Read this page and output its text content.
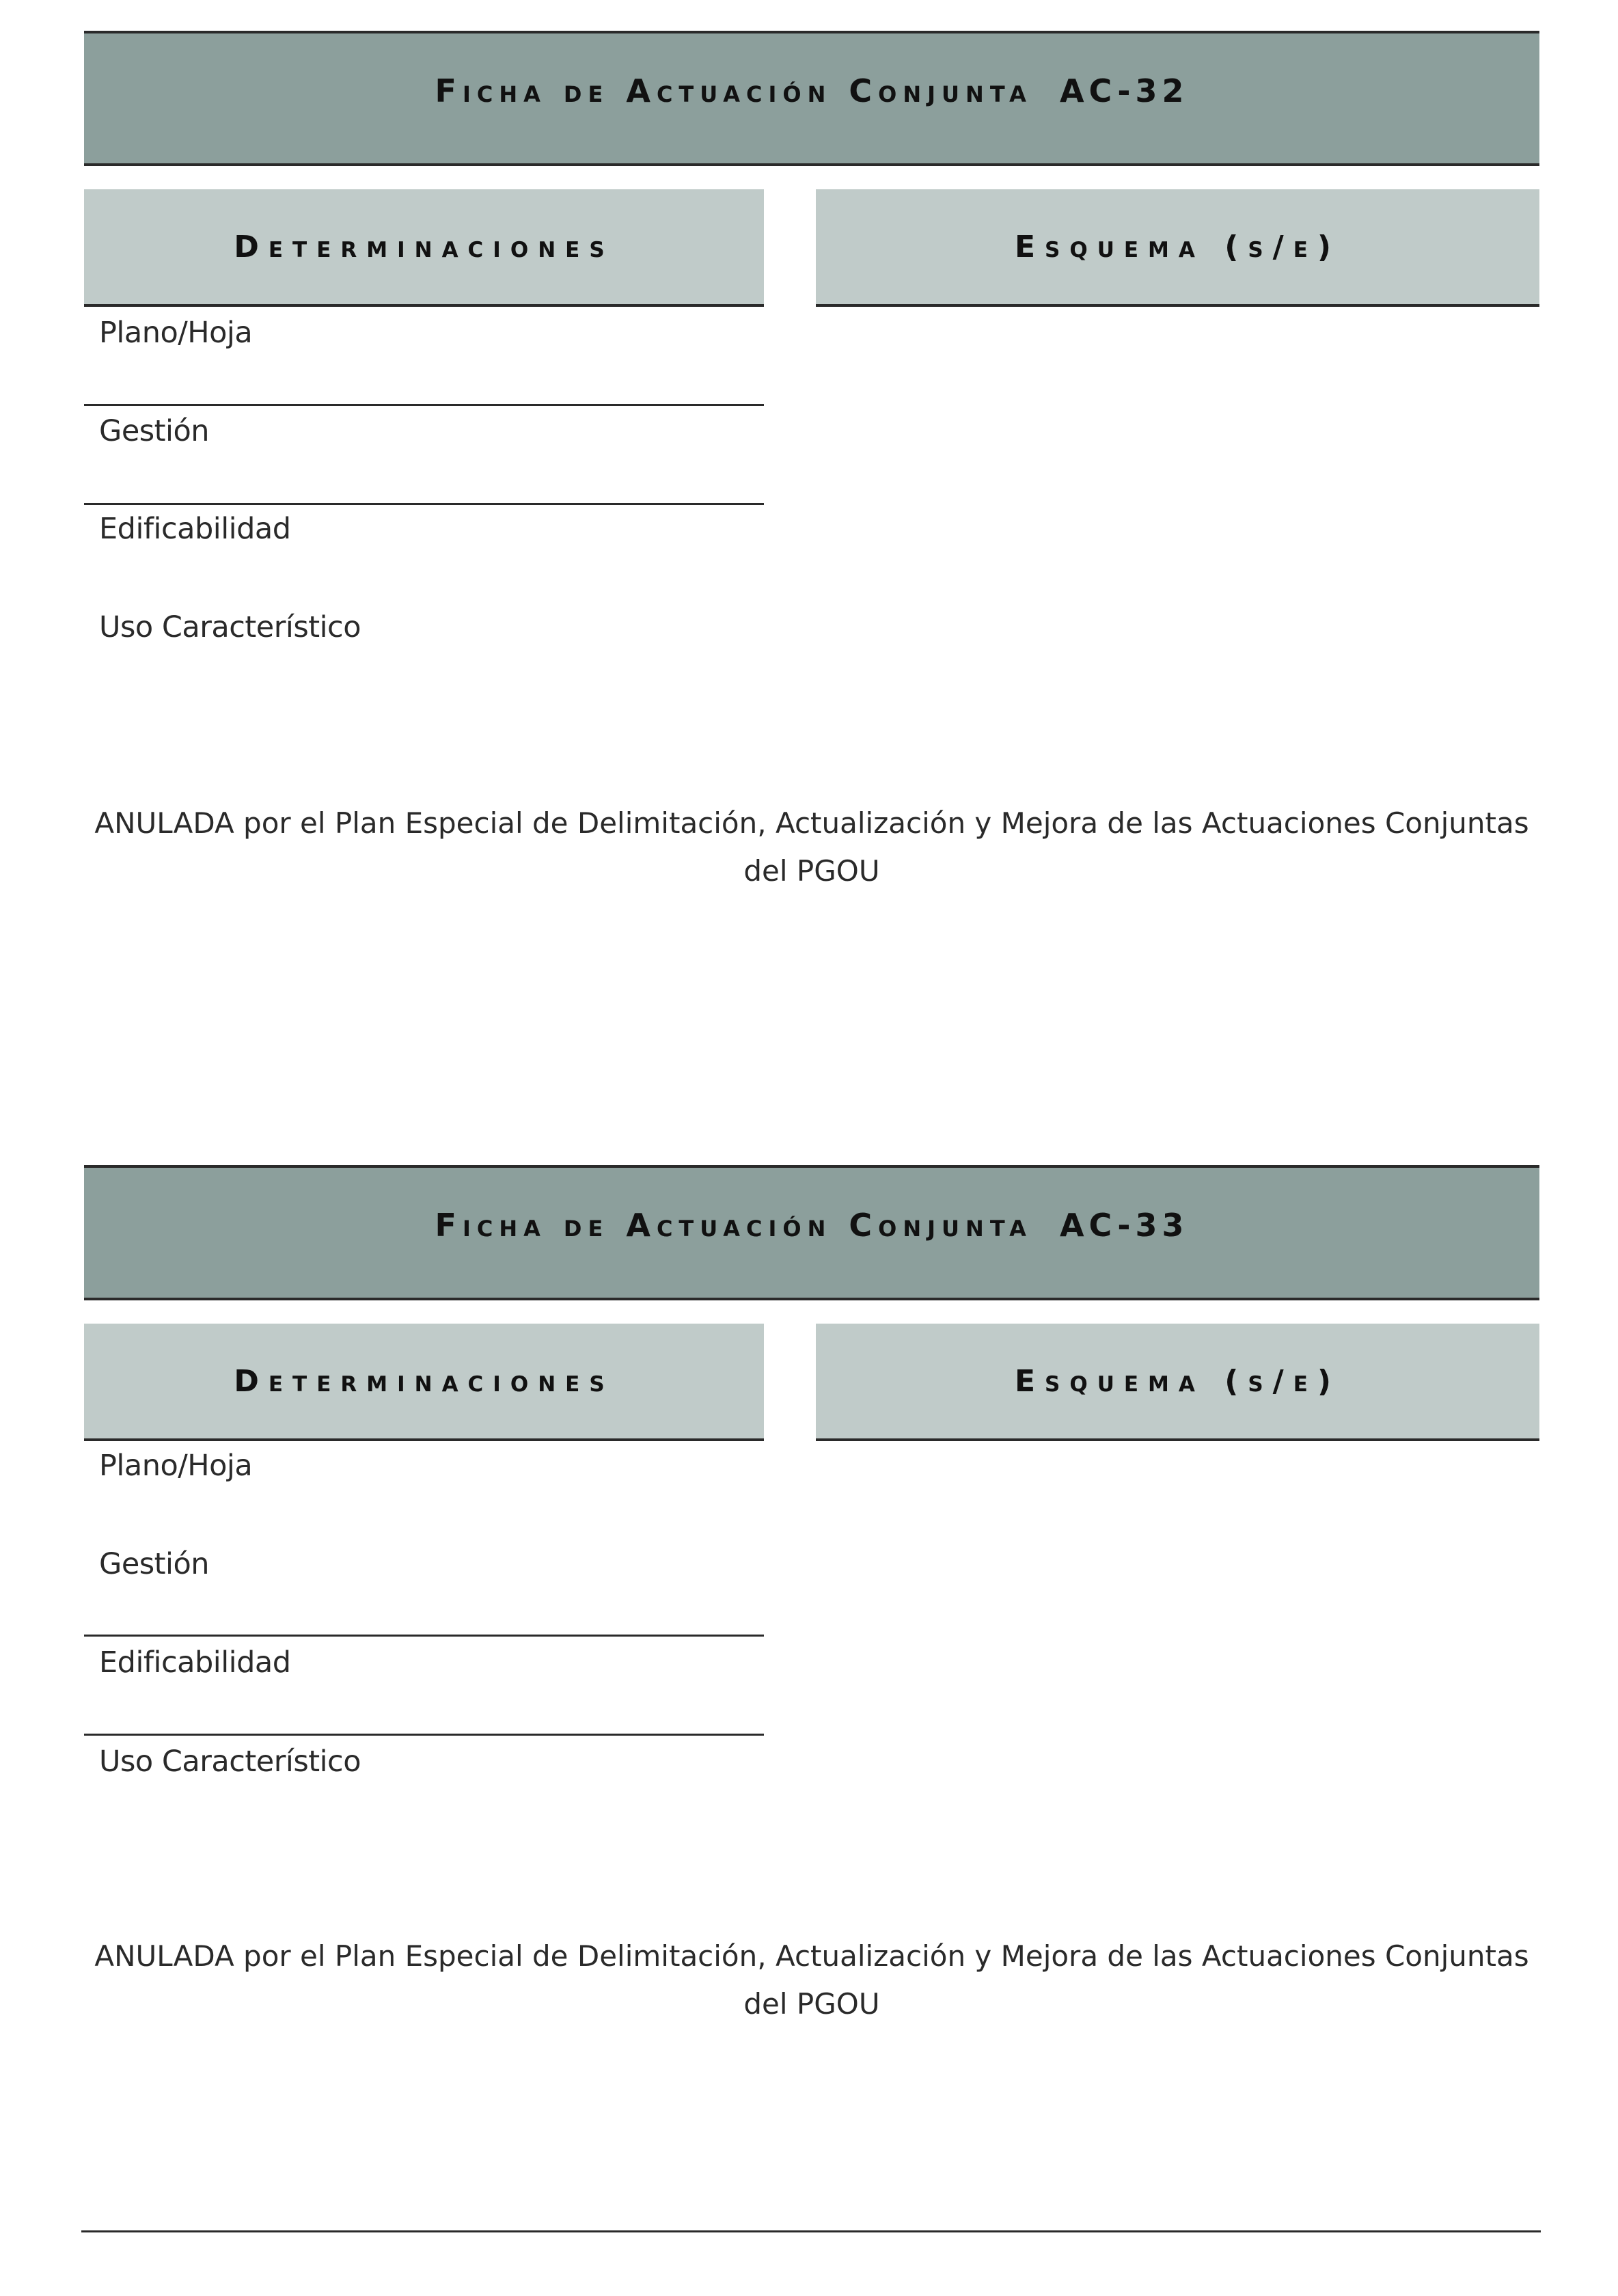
Ficha de Actuación Conjunta AC-32
Determinaciones	Esquema (s/e)
Plano/Hoja
Gestión
Edificabilidad
Uso Característico
ANULADA por el Plan Especial de Delimitación, Actualización y Mejora de las Actuaciones Conjuntas del PGOU
Ficha de Actuación Conjunta AC-33
Determinaciones	Esquema (s/e)
Plano/Hoja
Gestión
Edificabilidad
Uso Característico
ANULADA por el Plan Especial de Delimitación, Actualización y Mejora de las Actuaciones Conjuntas del PGOU
